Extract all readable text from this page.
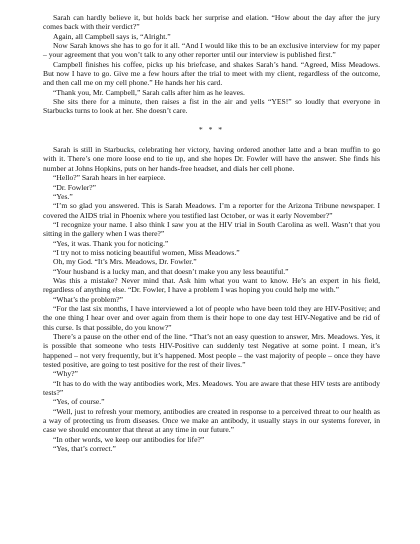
Sarah can hardly believe it, but holds back her surprise and elation. “How about the day after the jury comes back with their verdict?”

Again, all Campbell says is, “Alright.”

Now Sarah knows she has to go for it all. “And I would like this to be an exclusive interview for my paper – your agreement that you won’t talk to any other reporter until our interview is published first.”

Campbell finishes his coffee, picks up his briefcase, and shakes Sarah’s hand. “Agreed, Miss Meadows. But now I have to go. Give me a few hours after the trial to meet with my client, regardless of the outcome, and then call me on my cell phone.” He hands her his card.

“Thank you, Mr. Campbell,” Sarah calls after him as he leaves.

She sits there for a minute, then raises a fist in the air and yells “YES!” so loudly that everyone in Starbucks turns to look at her. She doesn’t care.

* * *

Sarah is still in Starbucks, celebrating her victory, having ordered another latte and a bran muffin to go with it. There’s one more loose end to tie up, and she hopes Dr. Fowler will have the answer. She finds his number at Johns Hopkins, puts on her hands-free headset, and dials her cell phone.

“Hello?” Sarah hears in her earpiece.

“Dr. Fowler?”

“Yes.”

“I’m so glad you answered. This is Sarah Meadows. I’m a reporter for the Arizona Tribune newspaper. I covered the AIDS trial in Phoenix where you testified last October, or was it early November?”

“I recognize your name. I also think I saw you at the HIV trial in South Carolina as well. Wasn’t that you sitting in the gallery when I was there?”

“Yes, it was. Thank you for noticing.”

“I try not to miss noticing beautiful women, Miss Meadows.”

Oh, my God. “It’s Mrs. Meadows, Dr. Fowler.”

“Your husband is a lucky man, and that doesn’t make you any less beautiful.”

Was this a mistake? Never mind that. Ask him what you want to know. He’s an expert in his field, regardless of anything else. “Dr. Fowler, I have a problem I was hoping you could help me with.”

“What’s the problem?”

“For the last six months, I have interviewed a lot of people who have been told they are HIV-Positive; and the one thing I hear over and over again from them is their hope to one day test HIV-Negative and be rid of this curse. Is that possible, do you know?”

There’s a pause on the other end of the line. “That’s not an easy question to answer, Mrs. Meadows. Yes, it is possible that someone who tests HIV-Positive can suddenly test Negative at some point. I mean, it’s happened – not very frequently, but it’s happened. Most people – the vast majority of people – once they have tested positive, are going to test positive for the rest of their lives.”

“Why?”

“It has to do with the way antibodies work, Mrs. Meadows. You are aware that these HIV tests are antibody tests?”

“Yes, of course.”

“Well, just to refresh your memory, antibodies are created in response to a perceived threat to our health as a way of protecting us from diseases. Once we make an antibody, it usually stays in our systems forever, in case we should encounter that threat at any time in our future.”

“In other words, we keep our antibodies for life?”

“Yes, that’s correct.”
